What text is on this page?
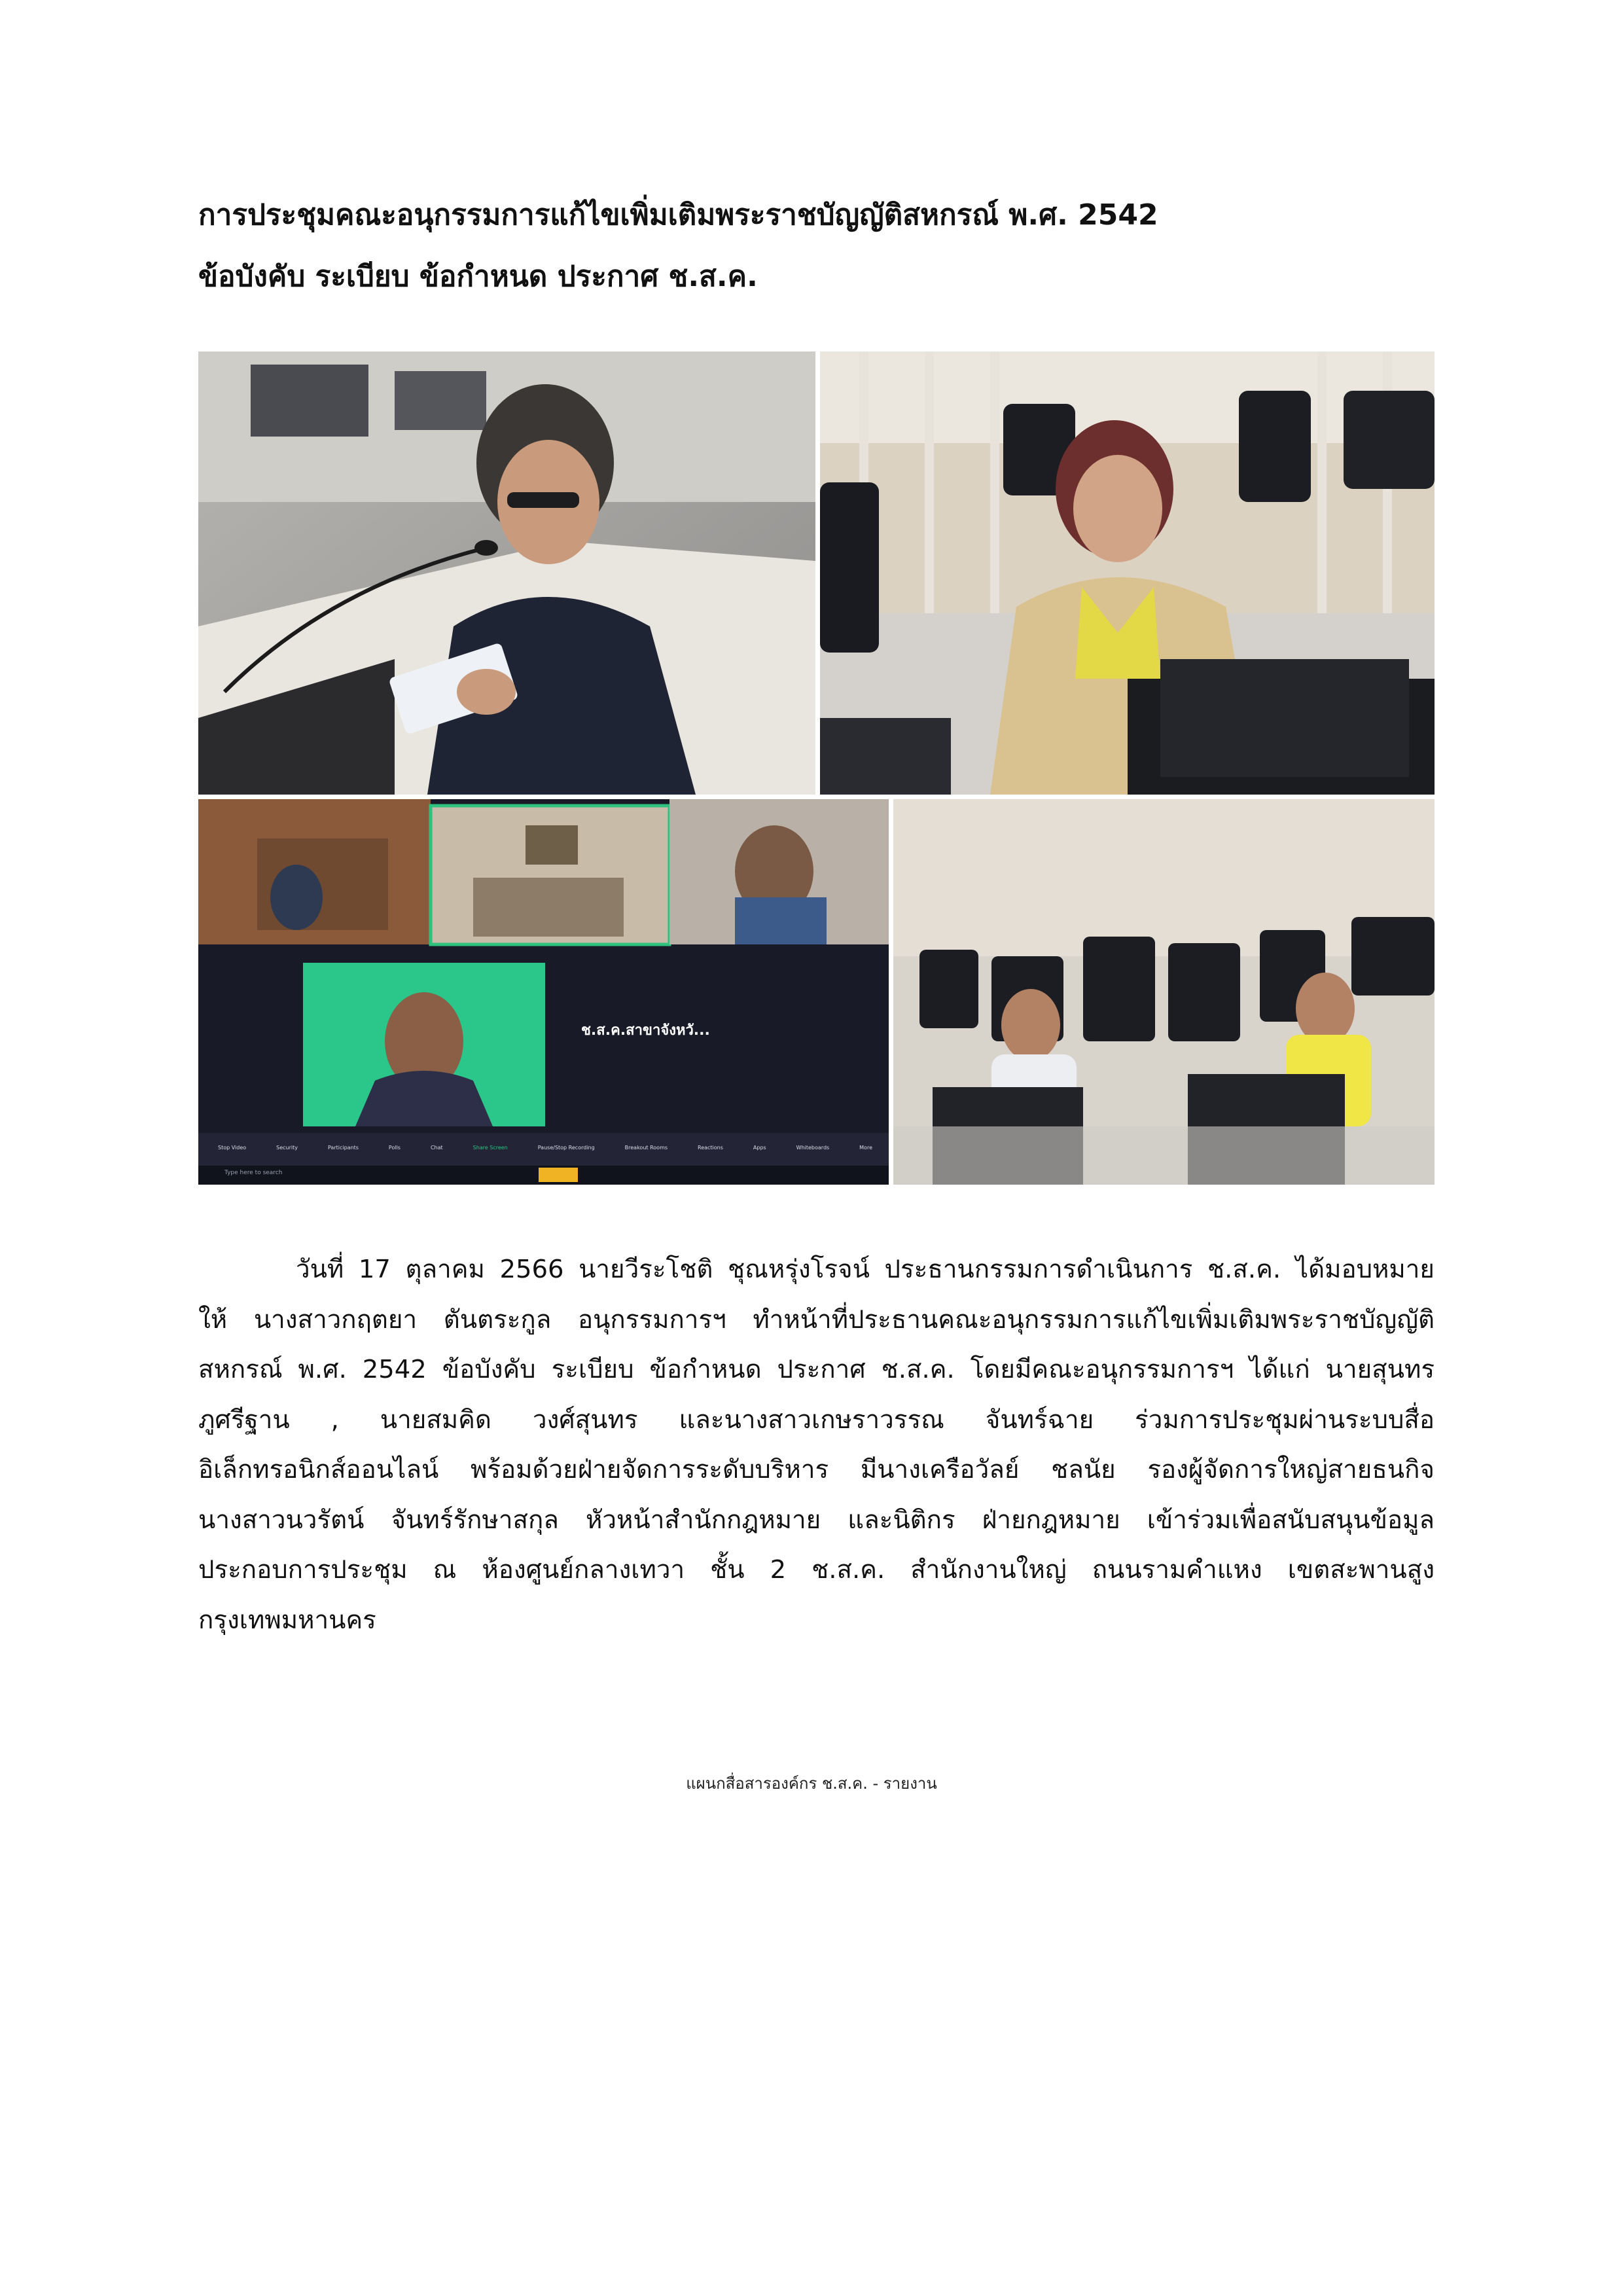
การประชุมคณะอนุกรรมการแก้ไขเพิ่มเติมพระราชบัญญัติสหกรณ์ พ.ศ. 2542
ข้อบังคับ ระเบียบ ข้อกำหนด ประกาศ ช.ส.ค.
ช.ส.ค.สาขาจังหวั...
Stop Video	Security	Participants	Polls	Chat	Share Screen	Pause/Stop Recording	Breakout Rooms	Reactions	Apps	Whiteboards	More
Type here to search
วันที่ 17 ตุลาคม 2566 นายวีระโชติ ชุณหรุ่งโรจน์ ประธานกรรมการดำเนินการ ช.ส.ค. ได้มอบหมาย
ให้ นางสาวกฤตยา ตันตระกูล อนุกรรมการฯ ทำหน้าที่ประธานคณะอนุกรรมการแก้ไขเพิ่มเติมพระราชบัญญัติ
สหกรณ์ พ.ศ. 2542 ข้อบังคับ ระเบียบ ข้อกำหนด ประกาศ ช.ส.ค. โดยมีคณะอนุกรรมการฯ ได้แก่ นายสุนทร
ภูศรีฐาน , นายสมคิด วงศ์สุนทร และนางสาวเกษราวรรณ จันทร์ฉาย ร่วมการประชุมผ่านระบบสื่อ
อิเล็กทรอนิกส์ออนไลน์ พร้อมด้วยฝ่ายจัดการระดับบริหาร มีนางเครือวัลย์ ชลนัย รองผู้จัดการใหญ่สายธนกิจ
นางสาวนวรัตน์ จันทร์รักษาสกุล หัวหน้าสำนักกฎหมาย และนิติกร ฝ่ายกฎหมาย เข้าร่วมเพื่อสนับสนุนข้อมูล
ประกอบการประชุม ณ ห้องศูนย์กลางเทวา ชั้น 2 ช.ส.ค. สำนักงานใหญ่ ถนนรามคำแหง เขตสะพานสูง
กรุงเทพมหานคร
แผนกสื่อสารองค์กร ช.ส.ค. - รายงาน
